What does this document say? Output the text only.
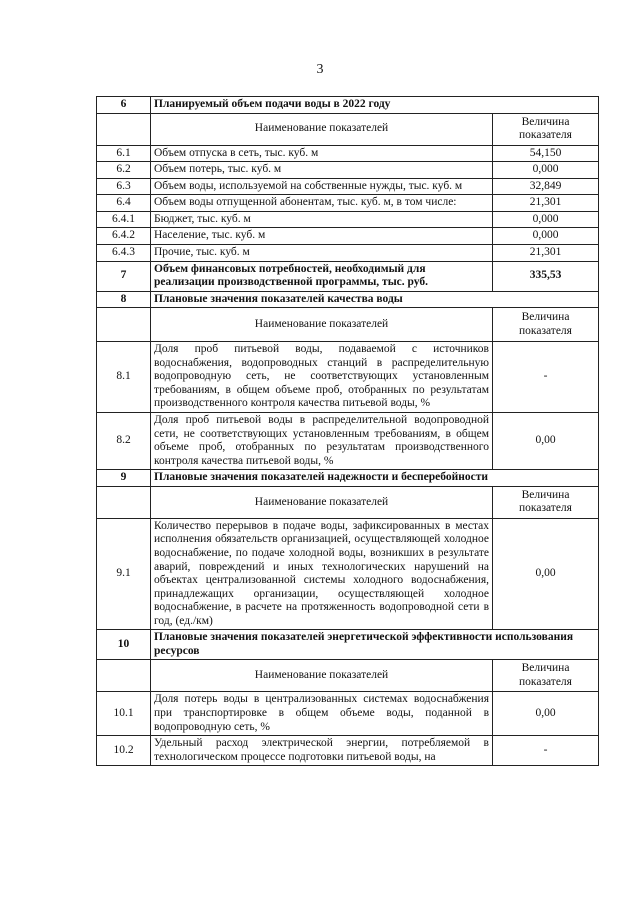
3
6	Планируемый объем подачи воды в 2022 году	
	Наименование показателей	Величина показателя
6.1	Объем отпуска в сеть, тыс. куб. м	54,150
6.2	Объем потерь, тыс. куб. м	0,000
6.3	Объем воды, используемой на собственные нужды, тыс. куб. м	32,849
6.4	Объем воды отпущенной абонентам, тыс. куб. м, в том числе:	21,301
6.4.1	Бюджет, тыс. куб. м	0,000
6.4.2	Население, тыс. куб. м	0,000
6.4.3	Прочие, тыс. куб. м	21,301
7	Объем финансовых потребностей, необходимый для реализации производственной программы, тыс. руб.	335,53
8	Плановые значения показателей качества воды	
	Наименование показателей	Величина показателя
8.1	Доля проб питьевой воды, подаваемой с источников водоснабжения, водопроводных станций в распределительную водопроводную сеть, не соответствующих установленным требованиям, в общем объеме проб, отобранных по результатам производственного контроля качества питьевой воды, %	-
8.2	Доля проб питьевой воды в распределительной водопроводной сети, не соответствующих установленным требованиям, в общем объеме проб, отобранных по результатам производственного контроля качества питьевой воды, %	0,00
9	Плановые значения показателей надежности и бесперебойности	
	Наименование показателей	Величина показателя
9.1	Количество перерывов в подаче воды, зафиксированных в местах исполнения обязательств организацией, осуществляющей холодное водоснабжение, по подаче холодной воды, возникших в результате аварий, повреждений и иных технологических нарушений на объектах централизованной системы холодного водоснабжения, принадлежащих организации, осуществляющей холодное водоснабжение, в расчете на протяженность водопроводной сети в год, (ед./км)	0,00
10	Плановые значения показателей энергетической эффективности использования ресурсов	
	Наименование показателей	Величина показателя
10.1	Доля потерь воды в централизованных системах водоснабжения при транспортировке в общем объеме воды, поданной в водопроводную сеть, %	0,00
10.2	Удельный расход электрической энергии, потребляемой в технологическом процессе подготовки питьевой воды, на	-
